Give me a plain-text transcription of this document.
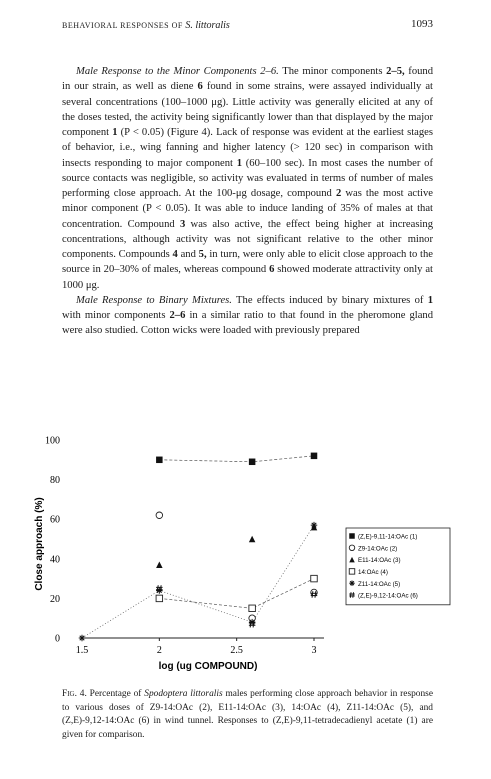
BEHAVIORAL RESPONSES OF S. littoralis	1093

Male Response to the Minor Components 2–6. The minor components 2–5, found in our strain, as well as diene 6 found in some strains, were assayed individually at several concentrations (100–1000 μg). Little activity was generally elicited at any of the doses tested, the activity being significantly lower than that displayed by the major component 1 (P < 0.05) (Figure 4). Lack of response was evident at the earliest stages of behavior, i.e., wing fanning and higher latency (> 120 sec) in comparison with insects responding to major component 1 (60–100 sec). In most cases the number of source contacts was negligible, so activity was evaluated in terms of number of males performing close approach. At the 100-μg dosage, compound 2 was the most active minor component (P < 0.05). It was able to induce landing of 35% of males at that concentration. Compound 3 was also active, the effect being higher at increasing concentrations, although activity was not significant relative to the other minor components. Compounds 4 and 5, in turn, were only able to elicit close approach to the source in 20–30% of males, whereas compound 6 showed moderate attractivity only at 1000 μg.

Male Response to Binary Mixtures. The effects induced by binary mixtures of 1 with minor components 2–6 in a similar ratio to that found in the pheromone gland were also studied. Cotton wicks were loaded with previously prepared

1.5	2	2.5	3
0
20
40
60
80
100
(Z,E)-9,11-14:OAc (1)
Z9-14:OAc (2)
E11-14:OAc (3)
14:OAc (4)
Z11-14:OAc (5)
(Z,E)-9,12-14:OAc (6)
log (ug COMPOUND)
Close approach (%)
Fig. 4. Percentage of Spodoptera littoralis males performing close approach behavior in response to various doses of Z9-14:OAc (2), E11-14:OAc (3), 14:OAc (4), Z11-14:OAc (5), and (Z,E)-9,12-14:OAc (6) in wind tunnel. Responses to (Z,E)-9,11-tetradecadienyl acetate (1) are given for comparison.
